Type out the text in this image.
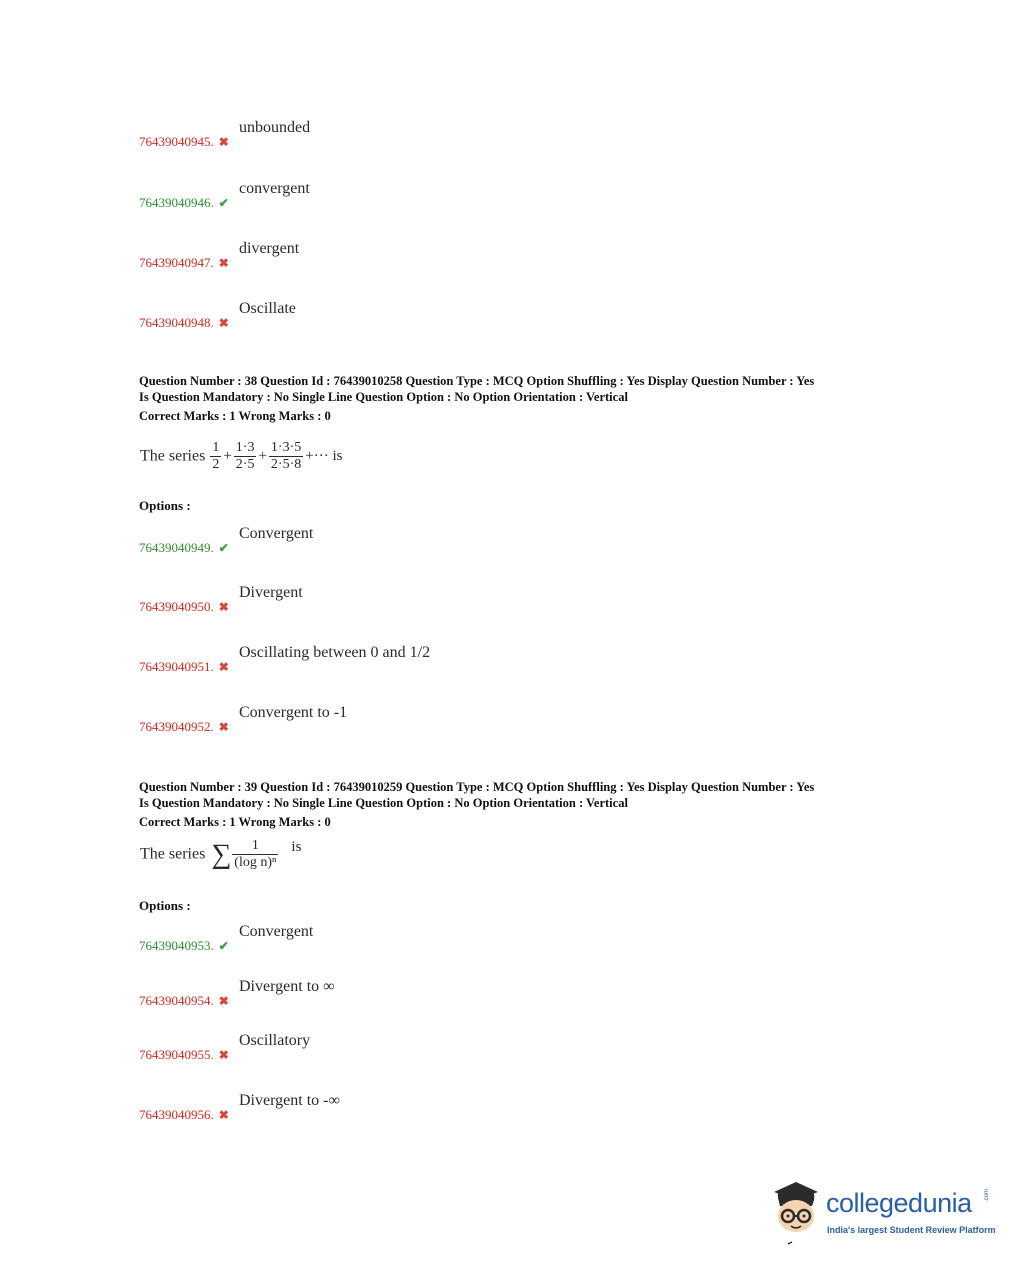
unbounded
76439040945. ✖
convergent
76439040946. ✔
divergent
76439040947. ✖
Oscillate
76439040948. ✖
Question Number : 38 Question Id : 76439010258 Question Type : MCQ Option Shuffling : Yes Display Question Number : Yes
Is Question Mandatory : No Single Line Question Option : No Option Orientation : Vertical
Correct Marks : 1 Wrong Marks : 0
The series $\frac{1}{2} + \frac{1\cdot 3}{2\cdot 5} + \frac{1\cdot 3\cdot 5}{2\cdot 5\cdot 8}$ +··· is
Options :
Convergent
76439040949. ✔
Divergent
76439040950. ✖
Oscillating between 0 and 1/2
76439040951. ✖
Convergent to -1
76439040952. ✖
Question Number : 39 Question Id : 76439010259 Question Type : MCQ Option Shuffling : Yes Display Question Number : Yes
Is Question Mandatory : No Single Line Question Option : No Option Orientation : Vertical
Correct Marks : 1 Wrong Marks : 0
The series ∑ $\frac{1}{\text{(log n)ⁿ}}$ is
Options :
Convergent
76439040953. ✔
Divergent to ∞
76439040954. ✖
Oscillatory
76439040955. ✖
Divergent to -∞
76439040956. ✖
collegedunia .com
India's largest Student Review Platform
